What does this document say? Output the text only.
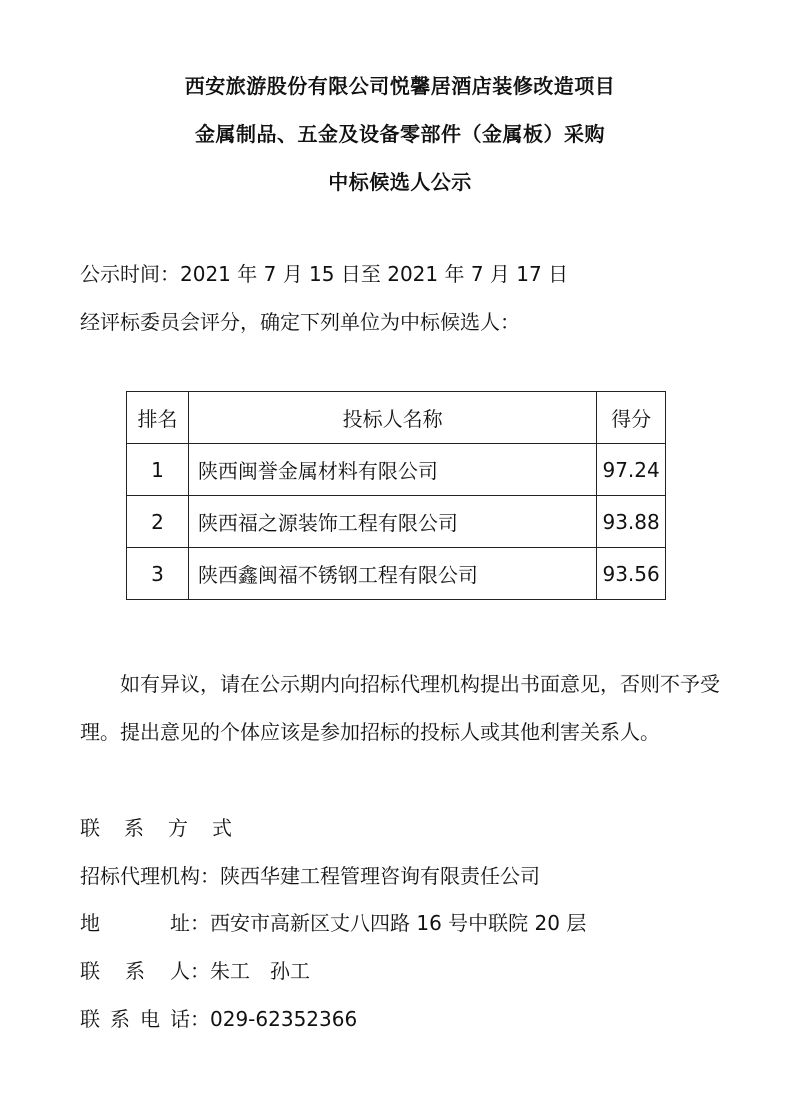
西安旅游股份有限公司悦馨居酒店装修改造项目
金属制品、五金及设备零部件（金属板）采购
中标候选人公示
公示时间：2021 年 7 月 15 日至 2021 年 7 月 17 日
经评标委员会评分，确定下列单位为中标候选人：
排名	投标人名称	得分
1	陕西闽誉金属材料有限公司	97.24
2	陕西福之源装饰工程有限公司	93.88
3	陕西鑫闽福不锈钢工程有限公司	93.56
如有异议，请在公示期内向招标代理机构提出书面意见，否则不予受理。提出意见的个体应该是参加招标的投标人或其他利害关系人。
联系方式
招标代理机构：陕西华建工程管理咨询有限责任公司
地	址： 西安市高新区丈八四路 16 号中联院 20 层
联 系 人： 朱工　孙工
联 系 电 话： 029-62352366
